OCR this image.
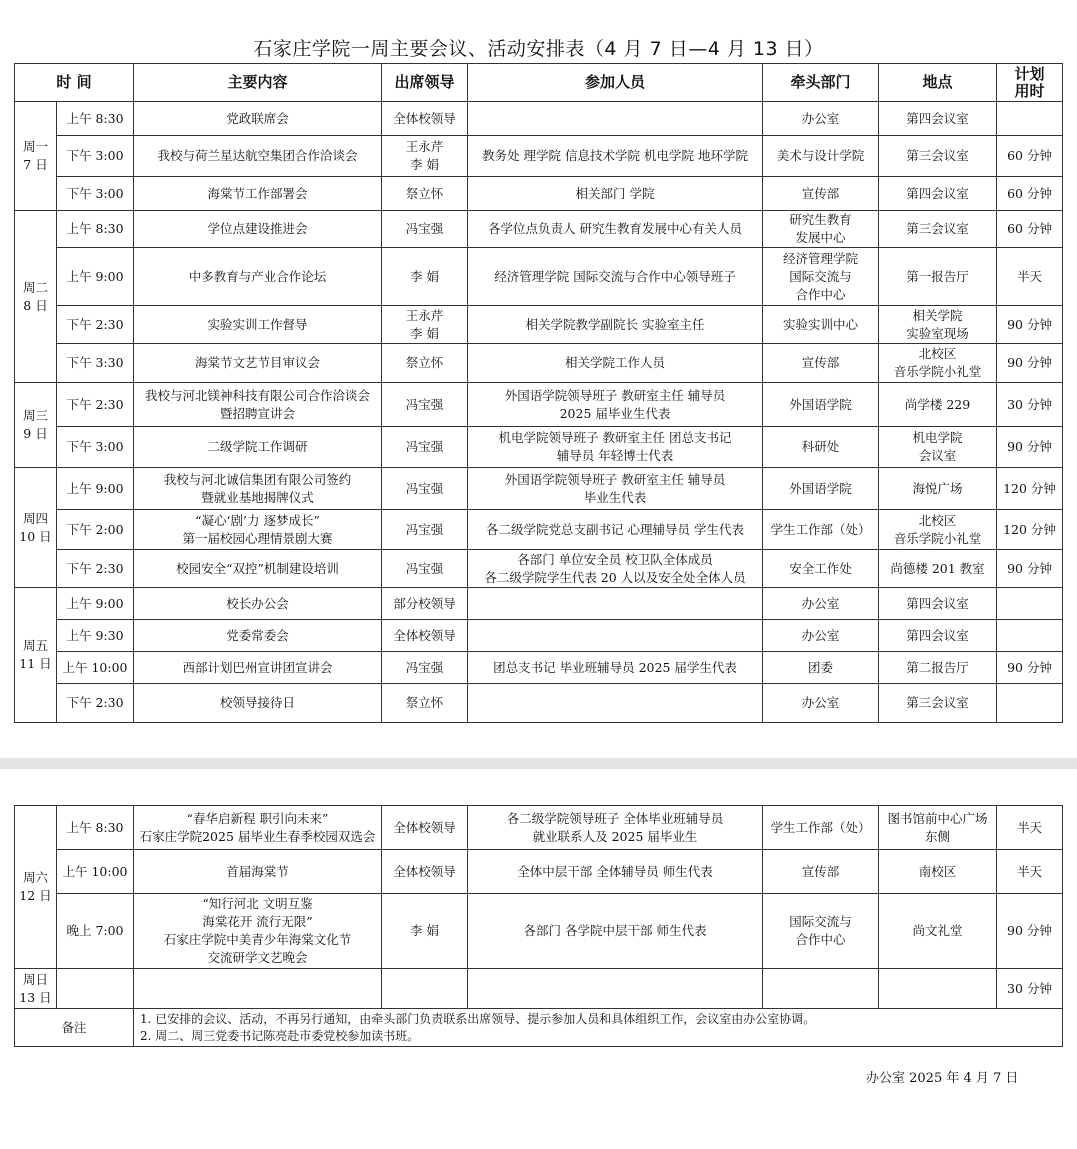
石家庄学院一周主要会议、活动安排表（4 月 7 日—4 月 13 日）
时 间		主要内容	出席领导	参加人员	牵头部门	地点	计划
用时
周一
7 日	上午 8:30	党政联席会	全体校领导		办公室	第四会议室	
	下午 3:00	我校与荷兰星达航空集团合作洽谈会	王永芹
李 娟	教务处 理学院 信息技术学院 机电学院 地环学院	美术与设计学院	第三会议室	60 分钟
	下午 3:00	海棠节工作部署会	祭立怀	相关部门 学院	宣传部	第四会议室	60 分钟
周二
8 日	上午 8:30	学位点建设推进会	冯宝强	各学位点负责人 研究生教育发展中心有关人员	研究生教育
发展中心	第三会议室	60 分钟
	上午 9:00	中多教育与产业合作论坛	李 娟	经济管理学院 国际交流与合作中心领导班子	经济管理学院
国际交流与
合作中心	第一报告厅	半天
	下午 2:30	实验实训工作督导	王永芹
李 娟	相关学院教学副院长 实验室主任	实验实训中心	相关学院
实验室现场	90 分钟
	下午 3:30	海棠节文艺节目审议会	祭立怀	相关学院工作人员	宣传部	北校区
音乐学院小礼堂	90 分钟
周三
9 日	下午 2:30	我校与河北镁神科技有限公司合作洽谈会
暨招聘宣讲会	冯宝强	外国语学院领导班子 教研室主任 辅导员
2025 届毕业生代表	外国语学院	尚学楼 229	30 分钟
	下午 3:00	二级学院工作调研	冯宝强	机电学院领导班子 教研室主任 团总支书记
辅导员 年轻博士代表	科研处	机电学院
会议室	90 分钟
周四
10 日	上午 9:00	我校与河北诚信集团有限公司签约
暨就业基地揭牌仪式	冯宝强	外国语学院领导班子 教研室主任 辅导员
毕业生代表	外国语学院	海悦广场	120 分钟
	下午 2:00	“凝心‘剧’力 逐梦成长”
第一届校园心理情景剧大赛	冯宝强	各二级学院党总支副书记 心理辅导员 学生代表	学生工作部（处）	北校区
音乐学院小礼堂	120 分钟
	下午 2:30	校园安全“双控”机制建设培训	冯宝强	各部门 单位安全员 校卫队全体成员
各二级学院学生代表 20 人以及安全处全体人员	安全工作处	尚德楼 201 教室	90 分钟
周五
11 日	上午 9:00	校长办公会	部分校领导		办公室	第四会议室	
	上午 9:30	党委常委会	全体校领导		办公室	第四会议室	
	上午 10:00	西部计划巴州宣讲团宣讲会	冯宝强	团总支书记 毕业班辅导员 2025 届学生代表	团委	第二报告厅	90 分钟
	下午 2:30	校领导接待日	祭立怀		办公室	第三会议室	
周六
12 日	上午 8:30	“春华启新程 职引向未来”
石家庄学院2025 届毕业生春季校园双选会	全体校领导	各二级学院领导班子 全体毕业班辅导员
就业联系人及 2025 届毕业生	学生工作部（处）	图书馆前中心广场
东侧	半天
	上午 10:00	首届海棠节	全体校领导	全体中层干部 全体辅导员 师生代表	宣传部	南校区	半天
	晚上 7:00	“知行河北 文明互鉴
海棠花开 流行无限”
石家庄学院中美青少年海棠文化节
交流研学文艺晚会	李 娟	各部门 各学院中层干部 师生代表	国际交流与
合作中心	尚文礼堂	90 分钟
周日
13 日							30 分钟
备注		1. 已安排的会议、活动，不再另行通知，由牵头部门负责联系出席领导、提示参加人员和具体组织工作，会议室由办公室协调。
2. 周二、周三党委书记陈亮赴市委党校参加读书班。					
办公室 2025 年 4 月 7 日
